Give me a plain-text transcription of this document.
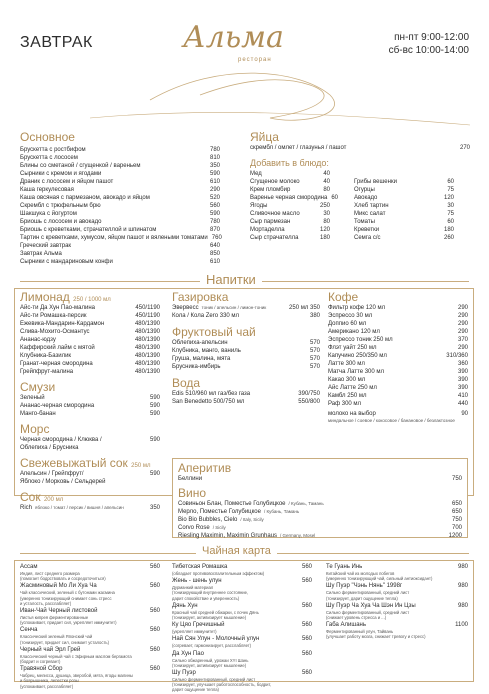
ЗАВТРАК	Альма
ресторан
пн-пт 9:00-12:00
сб-вс 10:00-14:00
Основное
Брускетта с ростбифом	780
Брускетта с лососем	810
Блины со сметаной / сгущенкой / вареньем	350
Сырники с кремом и ягодами	590
Драник с лососем и яйцом пашот	610
Каша геркулесовая	290
Каша овсяная с пармезаном, авокадо и яйцом	520
Скрембл с трюфельным брю	560
Шакшука с йогуртом	590
Бриошь с лососем и авокадо	780
Бриошь с креветками, страчателлой и шпинатом	870
Тартин с креветками, хумусом, яйцом пашот и вялеными томатами 760
Греческий завтрак	640
Завтрак Альма	850
Сырники с мандариновым конфи	610
Яйца
скрембл / омлет / глазунья / пашот	270
Добавить в блюдо:
Мед	40
Сгущеное молоко	40
Крем пломбир	80
Варенье черная смородина 60
Ягоды	250
Сливочное масло	30
Сыр пармезан	80
Мортаделла	120
Сыр страчателла	180
Грибы вешенки	60
Огурцы	75
Авокадо	120
Хлеб тартин	30
Микс салат	75
Томаты	60
Креветки	180
Семга с/с	260
Напитки
Лимонад 250 / 1000 мл
Айс-ти Да Хун Пао-малина	450/1190
Айс-ти Ромашка-персик	450/1190
Ежевика-Мандарин-Кардамон	480/1390
Слива-Мохито-Османтус	480/1390
Ананас-юдзу	480/1390
Каффирский лайм с мятой	480/1390
Клубника-Базилик	480/1390
Гранат-черная смородина	480/1390
Грейпфрут-малина	480/1390
Смузи
Зеленый	590
Ананас-черная смородина	590
Манго-банан	590
Морс
Черная смородина / Клюква /	590
Облепиха / Брусника
Свежевыжатый сок 250 мл
Апельсин / Грейпфрут/	590
Яблоко / Морковь / Сельдерей
Сок 200 мл
Rich яблоко / томат / персик / вишня / апельсин	350
Газировка
Эвервесс тоник / апельсин / лимон-тоник	250 мл 350
Кола / Кола Zero 330 мл	380
Фруктовый чай
Облепиха-апельсин	570
Клубника, манго, ваниль	570
Груша, малина, мята	570
Брусника-имбирь	570
Вода
Edis 510/960 мл газ/без газа	390/750
San Benedetto 500/750 мл	550/800
Кофе
Фильтр кофе 120 мл	290
Эспрессо 30 мл	290
Доппио 60 мл	290
Американо 120 мл	290
Эспрессо тоник 250 мл	370
Флэт уайт 250 мл	290
Капучино 250/350 мл	310/360
Латте 300 мл	360
Матча Латте 300 мл	390
Какао 300 мл	390
Айс Латте 250 мл	390
Камбл 250 мл	410
Раф 300 мл	440
молоко на выбор	90
миндальное / соевое / кокосовое / банановое / безлактозное
Аперитив
Беллини	750
Вино
Совиньон Блан, Поместье Голубицкое / Кубань, Тамань	650
Мерло, Поместье Голубицкое / Кубань, Тамань	650
Bio Bio Bubbles, Cielo / Italy, Sicily	750
Corvo Rose / Sicily	700
Riesling Maximin, Maximin Grunhaus / Germany, Mosel	1200
Чайная карта
Ассам	560
Индия, лист среднего размера
(помогает бодрствовать и сосредоточиться)
Жасминовый Мо Ли Хуа Ча	560
Чай классический, зеленый с бутонами жасмина
(умеренно тонизирующий снимает сонь стресс
и усталость, расслабляет)
Иван-Чай Черный листовой	560
Листья кипрея ферментированные
(успокаивает, придает сил, укрепляет иммунитет)
Сенча	560
Классический зеленый Японский чай
(тонизирует, придает сил, снимает усталость)
Черный чай Эрл Грей	560
Классический черный чай с Эфирным маслом бергамота
(бодрит и согревает)
Травяной Сбор	560
Чабрец, мелисса, душица, зверобой, мята, ягоды малины
и боярышника, лепестки розы
(успокаивает, расслабляет)
Тибетская Ромашка	560
(обладает противовоспалительным эффектом)
Жень - шень улун	560
Дурманкий материал
(тонизирующий внутреннее состояние,
дарит спокойствие и уверенность)
Дянь Хун	560
Красный чай средней обжарки, с почек Дянь
(тонизирует, активизирует мышление)
Кy Цяо Гречишный	560
(укрепляет иммунитет)
Най Сян Улун - Молочный улун	560
(согревает, гармонизирует, расслабляет)
Да Хун Пао	560
Сильно обжаренный, урожаи XYI Шань
(тонизирует, активизирует мышление)
Шу Пуэр	560
Сильно ферментированный, средний лист
(тонизирует, улучшает работоспособность, бодрит,
дарит ощущение тепла)
Те Гуань Инь	980
Китайский чай из молодых побегов
(умеренно тонизирующий чай, сильный антиоксидант)
Шу Пуэр "Чэнь Нянь" 1998г	980
Сильно ферментированный, средний лист
(тонизирует, дарит ощущение тепла)
Шу Пуэр Ча Хуа Ча Шэн Ин Цзы	980
Сильно ферментированный, средний лист
(снижает уровень стресса и ...)
Габа Алишань	1100
Ферментированный улун, Тайвань
(улучшает работу мозга, снижает тревогу и стресс)
